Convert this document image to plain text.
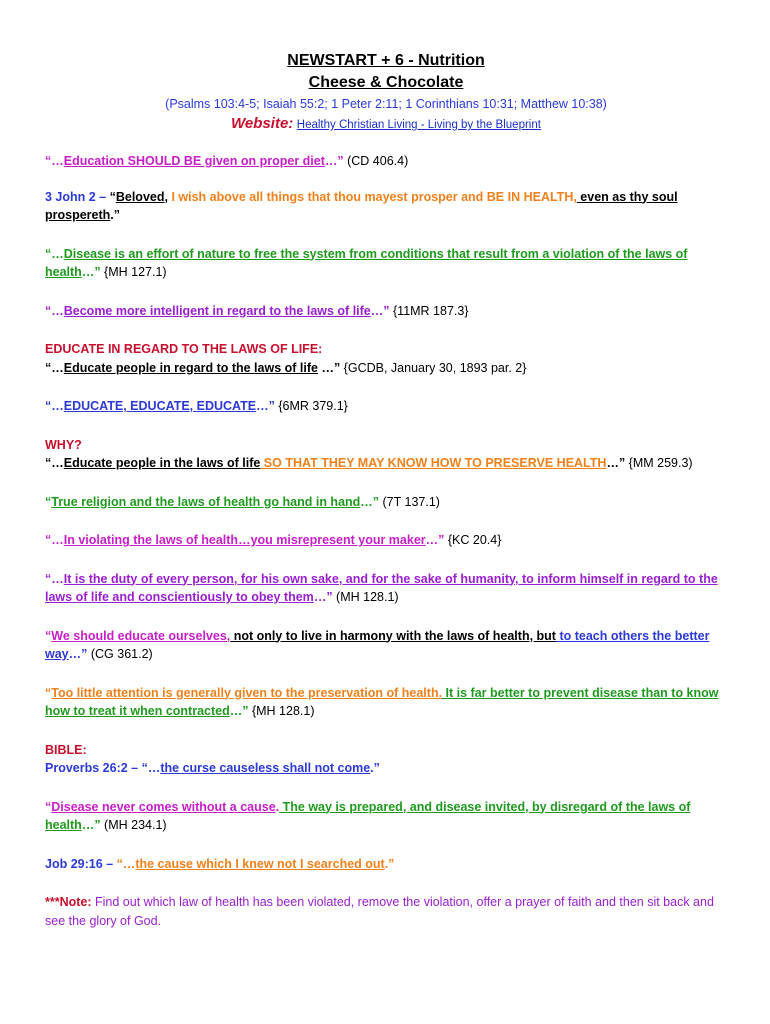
NEWSTART + 6 - Nutrition
Cheese & Chocolate
(Psalms 103:4-5; Isaiah 55:2; 1 Peter 2:11; 1 Corinthians 10:31; Matthew 10:38)
Website: Healthy Christian Living - Living by the Blueprint

“…Education SHOULD BE given on proper diet…” (CD 406.4)

3 John 2 – “Beloved, I wish above all things that thou mayest prosper and BE IN HEALTH, even as thy soul prospereth.”

“…Disease is an effort of nature to free the system from conditions that result from a violation of the laws of health…” {MH 127.1)

“…Become more intelligent in regard to the laws of life…” {11MR 187.3}

EDUCATE IN REGARD TO THE LAWS OF LIFE:

“…Educate people in regard to the laws of life …” {GCDB, January 30, 1893 par. 2}

“…EDUCATE, EDUCATE, EDUCATE…” {6MR 379.1}

WHY?

“…Educate people in the laws of life SO THAT THEY MAY KNOW HOW TO PRESERVE HEALTH…” {MM 259.3)

“True religion and the laws of health go hand in hand…” (7T 137.1)

“…In violating the laws of health…you misrepresent your maker…” {KC 20.4}

“…It is the duty of every person, for his own sake, and for the sake of humanity, to inform himself in regard to the laws of life and conscientiously to obey them…” (MH 128.1)

“We should educate ourselves, not only to live in harmony with the laws of health, but to teach others the better way…” (CG 361.2)

“Too little attention is generally given to the preservation of health. It is far better to prevent disease than to know how to treat it when contracted…” {MH 128.1)

BIBLE:

Proverbs 26:2 – “…the curse causeless shall not come.”

“Disease never comes without a cause. The way is prepared, and disease invited, by disregard of the laws of health…” (MH 234.1)

Job 29:16 – “…the cause which I knew not I searched out.”

***Note: Find out which law of health has been violated, remove the violation, offer a prayer of faith and then sit back and see the glory of God.
